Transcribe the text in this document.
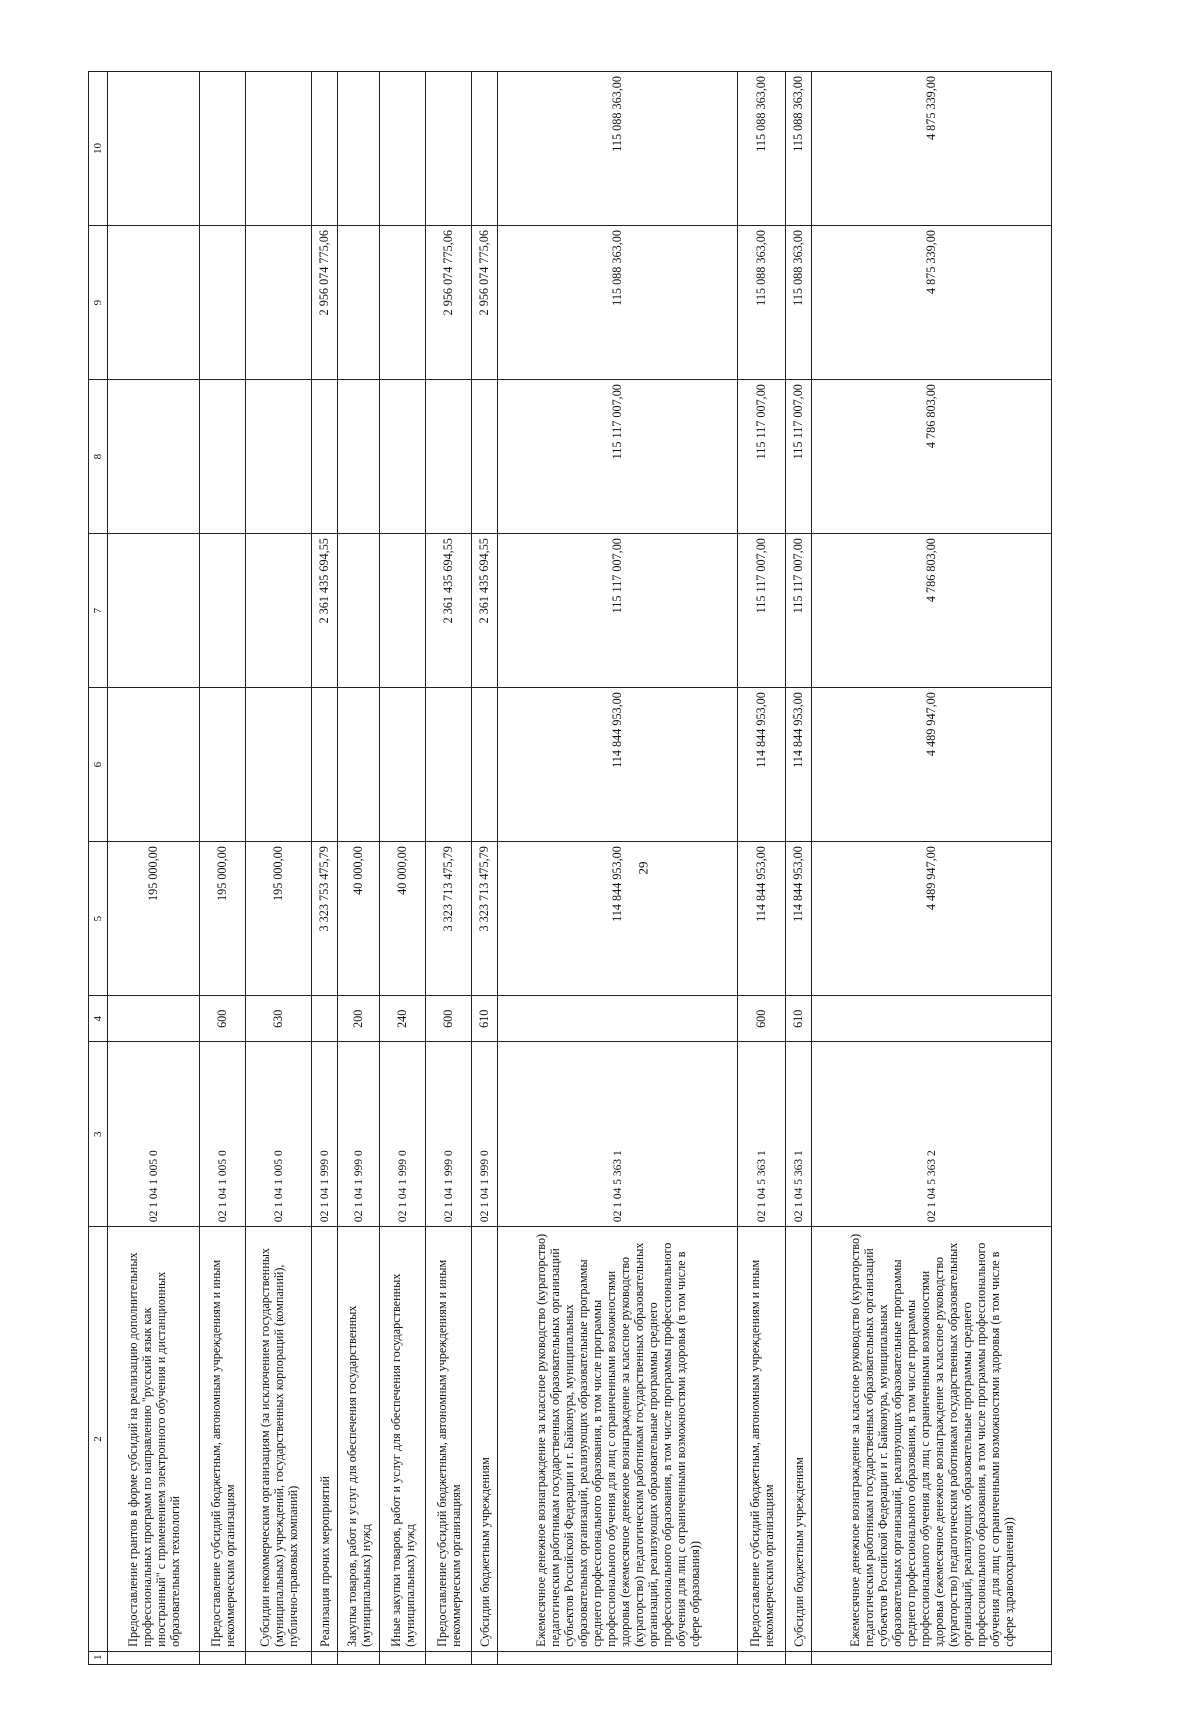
29
1	2	3	4	5	6	7	8	9	10
	Предоставление грантов в форме субсидий на реализацию дополнительных профессиональных программ по направлению "русский язык как иностранный" с применением электронного обучения и дистанционных образовательных технологий	02 1 04 1 005 0		195 000,00					
	Предоставление субсидий бюджетным, автономным учреждениям и иным некоммерческим организациям	02 1 04 1 005 0	600	195 000,00					
	Субсидии некоммерческим организациям (за исключением государственных (муниципальных) учреждений, государственных корпораций (компаний), публично-правовых компаний)	02 1 04 1 005 0	630	195 000,00					
	Реализация прочих мероприятий	02 1 04 1 999 0		3 323 753 475,79		2 361 435 694,55		2 956 074 775,06	
	Закупка товаров, работ и услуг для обеспечения государственных (муниципальных) нужд	02 1 04 1 999 0	200	40 000,00					
	Иные закупки товаров, работ и услуг для обеспечения государственных (муниципальных) нужд	02 1 04 1 999 0	240	40 000,00					
	Предоставление субсидий бюджетным, автономным учреждениям и иным некоммерческим организациям	02 1 04 1 999 0	600	3 323 713 475,79		2 361 435 694,55		2 956 074 775,06	
	Субсидии бюджетным учреждениям	02 1 04 1 999 0	610	3 323 713 475,79		2 361 435 694,55		2 956 074 775,06	
	Ежемесячное денежное вознаграждение за классное руководство (кураторство) педагогическим работникам государственных образовательных организаций субъектов Российской Федерации и г. Байконура, муниципальных образовательных организаций, реализующих образовательные программы среднего профессионального образования, в том числе программы профессионального обучения для лиц с ограниченными возможностями здоровья (ежемесячное денежное вознаграждение за классное руководство (кураторство) педагогическим работникам государственных образовательных организаций, реализующих образовательные программы среднего профессионального образования, в том числе программы профессионального обучения для лиц с ограниченными возможностями здоровья (в том числе в сфере образования))	02 1 04 5 363 1		114 844 953,00	114 844 953,00	115 117 007,00	115 117 007,00	115 088 363,00	115 088 363,00
	Предоставление субсидий бюджетным, автономным учреждениям и иным некоммерческим организациям	02 1 04 5 363 1	600	114 844 953,00	114 844 953,00	115 117 007,00	115 117 007,00	115 088 363,00	115 088 363,00
	Субсидии бюджетным учреждениям	02 1 04 5 363 1	610	114 844 953,00	114 844 953,00	115 117 007,00	115 117 007,00	115 088 363,00	115 088 363,00
	Ежемесячное денежное вознаграждение за классное руководство (кураторство) педагогическим работникам государственных образовательных организаций субъектов Российской Федерации и г. Байконура, муниципальных образовательных организаций, реализующих образовательные программы среднего профессионального образования, в том числе программы профессионального обучения для лиц с ограниченными возможностями здоровья (ежемесячное денежное вознаграждение за классное руководство (кураторство) педагогическим работникам государственных образовательных организаций, реализующих образовательные программы среднего профессионального образования, в том числе программы профессионального обучения для лиц с ограниченными возможностями здоровья (в том числе в сфере здравоохранения))	02 1 04 5 363 2		4 489 947,00	4 489 947,00	4 786 803,00	4 786 803,00	4 875 339,00	4 875 339,00
